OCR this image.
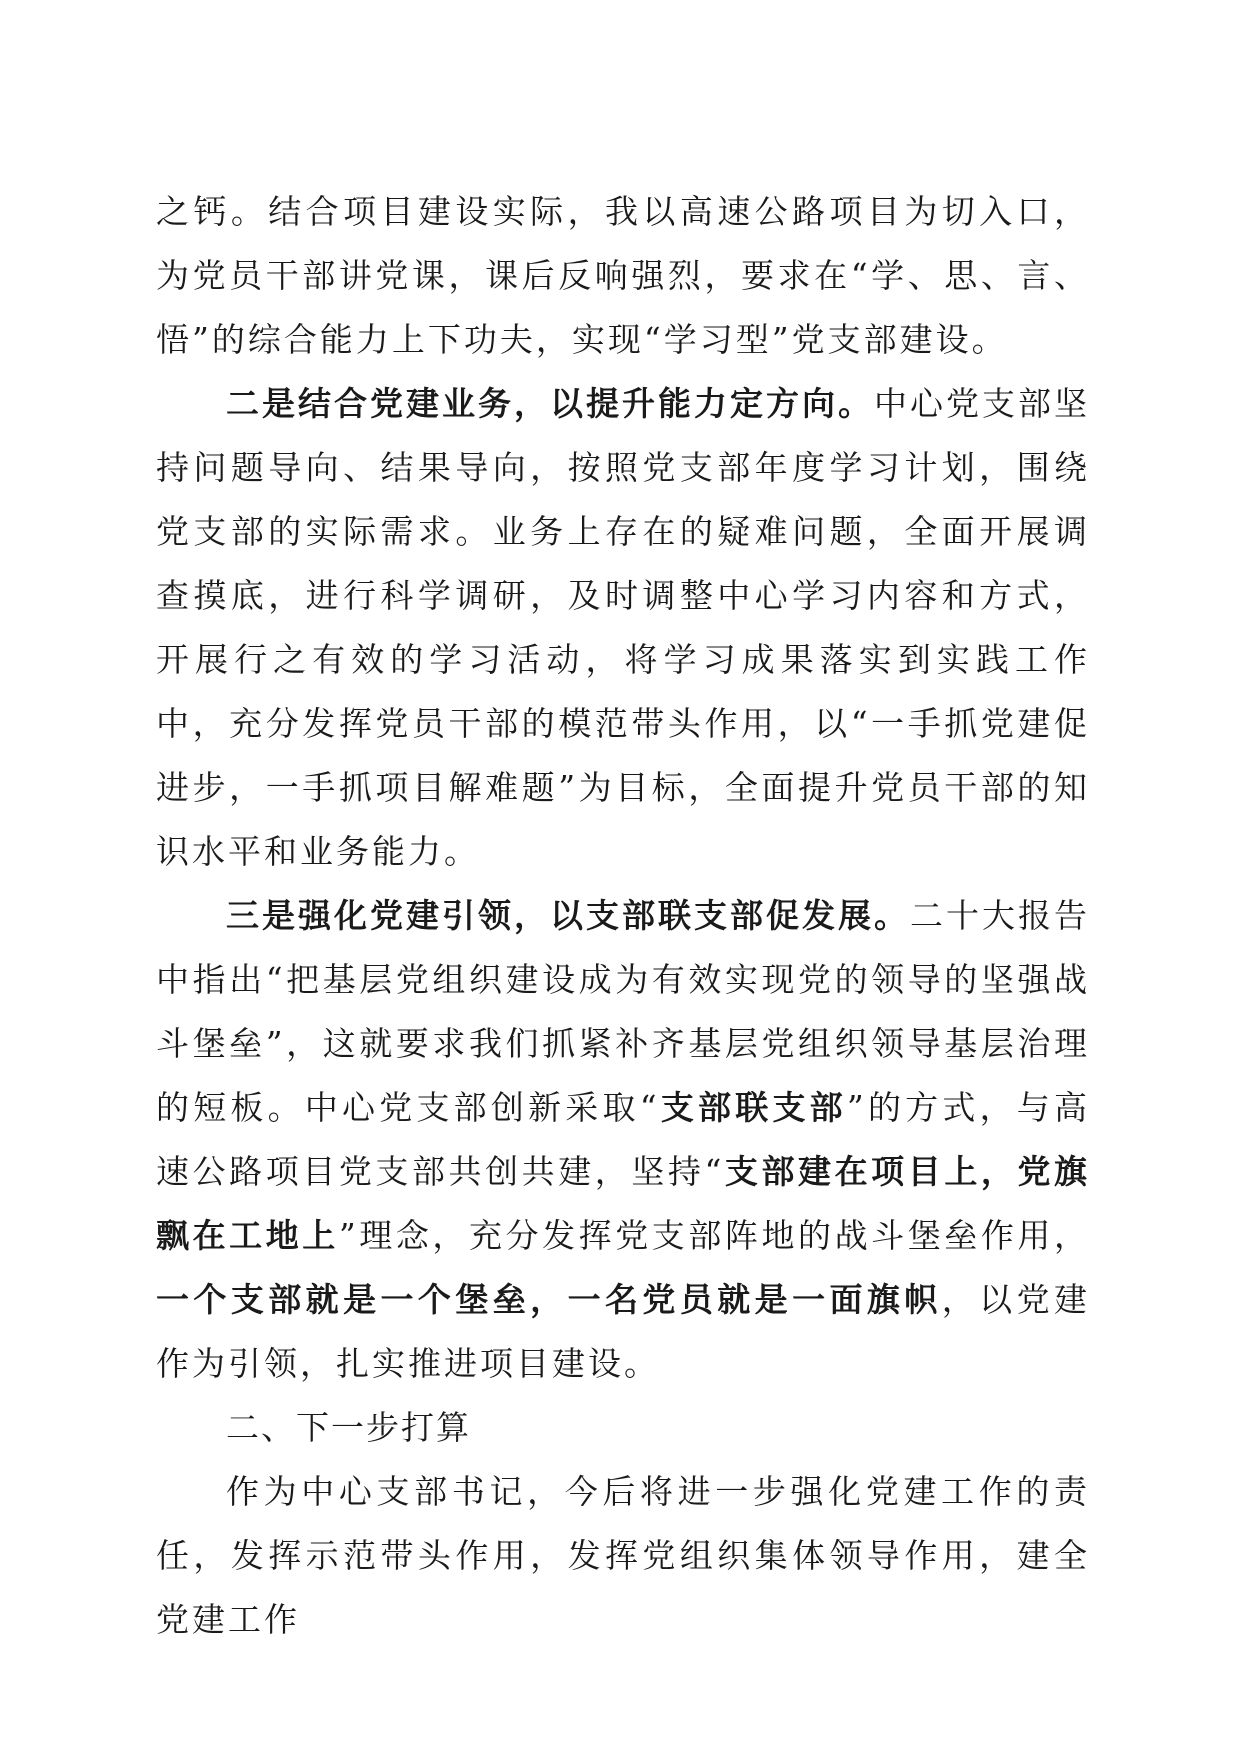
之钙。结合项目建设实际，我以高速公路项目为切入口，为党员干部讲党课，课后反响强烈，要求在“学、思、言、悟”的综合能力上下功夫，实现“学习型”党支部建设。

二是结合党建业务，以提升能力定方向。中心党支部坚持问题导向、结果导向，按照党支部年度学习计划，围绕党支部的实际需求。业务上存在的疑难问题，全面开展调查摸底，进行科学调研，及时调整中心学习内容和方式，开展行之有效的学习活动，将学习成果落实到实践工作中，充分发挥党员干部的模范带头作用，以“一手抓党建促进步，一手抓项目解难题”为目标，全面提升党员干部的知识水平和业务能力。

三是强化党建引领，以支部联支部促发展。二十大报告中指出“把基层党组织建设成为有效实现党的领导的坚强战斗堡垒”，这就要求我们抓紧补齐基层党组织领导基层治理的短板。中心党支部创新采取“支部联支部”的方式，与高速公路项目党支部共创共建，坚持“支部建在项目上，党旗飘在工地上”理念，充分发挥党支部阵地的战斗堡垒作用，一个支部就是一个堡垒，一名党员就是一面旗帜，以党建作为引领，扎实推进项目建设。

二、下一步打算

作为中心支部书记，今后将进一步强化党建工作的责任，发挥示范带头作用，发挥党组织集体领导作用，建全党建工作
